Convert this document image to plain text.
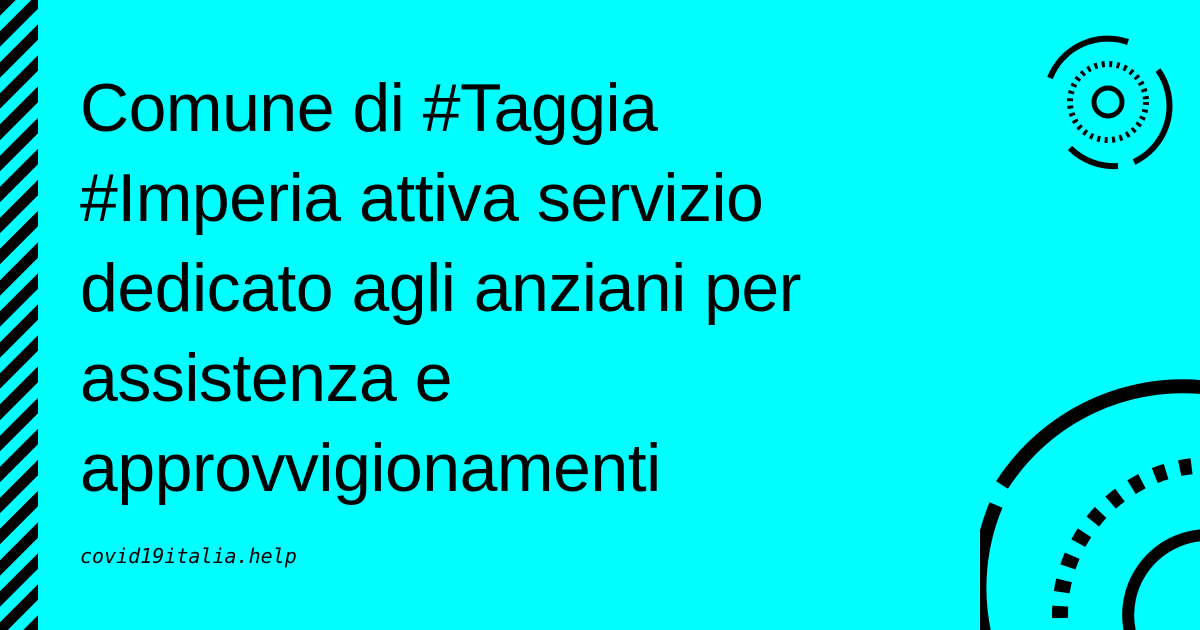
Comune di #Taggia
#Imperia attiva servizio
dedicato agli anziani per
assistenza e
approvvigionamenti
covid19italia.help
